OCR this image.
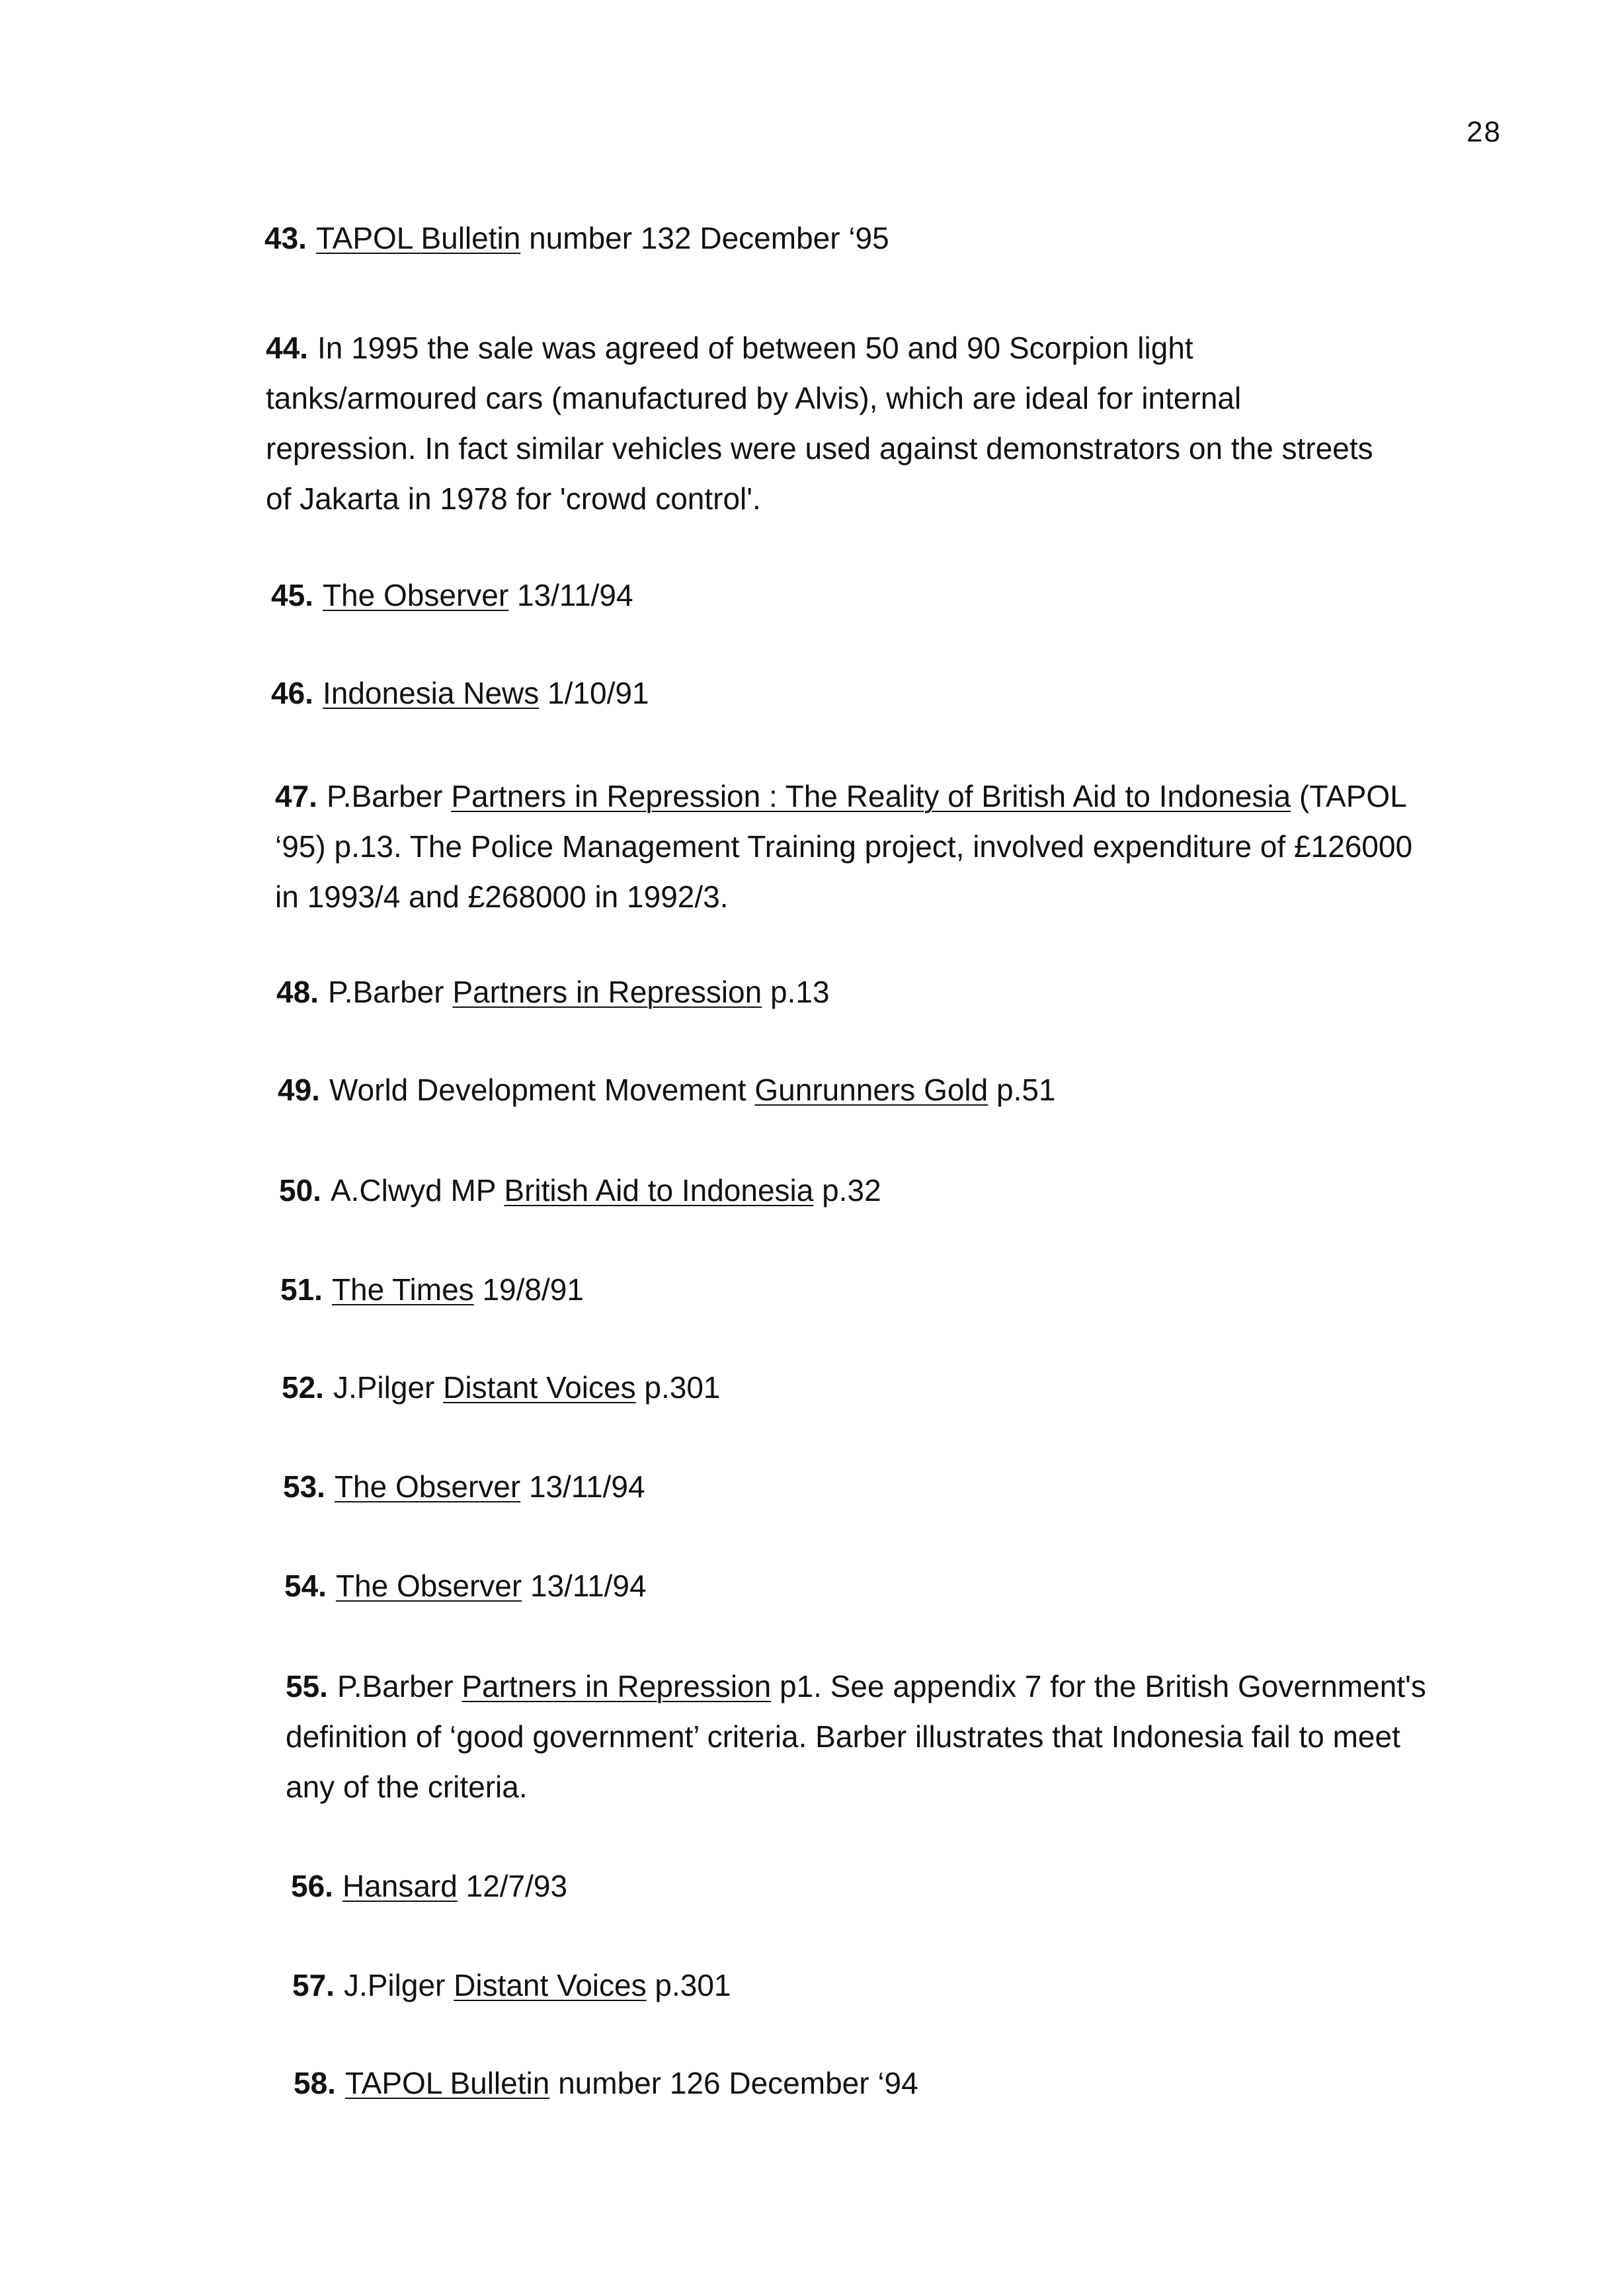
28
43. TAPOL Bulletin number 132 December ‘95
44. In 1995 the sale was agreed of between 50 and 90 Scorpion light tanks/armoured cars (manufactured by Alvis), which are ideal for internal repression. In fact similar vehicles were used against demonstrators on the streets of Jakarta in 1978 for 'crowd control'.
45. The Observer 13/11/94
46. Indonesia News 1/10/91
47. P.Barber Partners in Repression : The Reality of British Aid to Indonesia (TAPOL ‘95) p.13. The Police Management Training project, involved expenditure of £126000 in 1993/4 and £268000 in 1992/3.
48. P.Barber Partners in Repression p.13
49. World Development Movement Gunrunners Gold p.51
50. A.Clwyd MP British Aid to Indonesia p.32
51. The Times 19/8/91
52. J.Pilger Distant Voices p.301
53. The Observer 13/11/94
54. The Observer 13/11/94
55. P.Barber Partners in Repression p1. See appendix 7 for the British Government's definition of ‘good government’ criteria. Barber illustrates that Indonesia fail to meet any of the criteria.
56. Hansard 12/7/93
57. J.Pilger Distant Voices p.301
58. TAPOL Bulletin number 126 December ‘94
